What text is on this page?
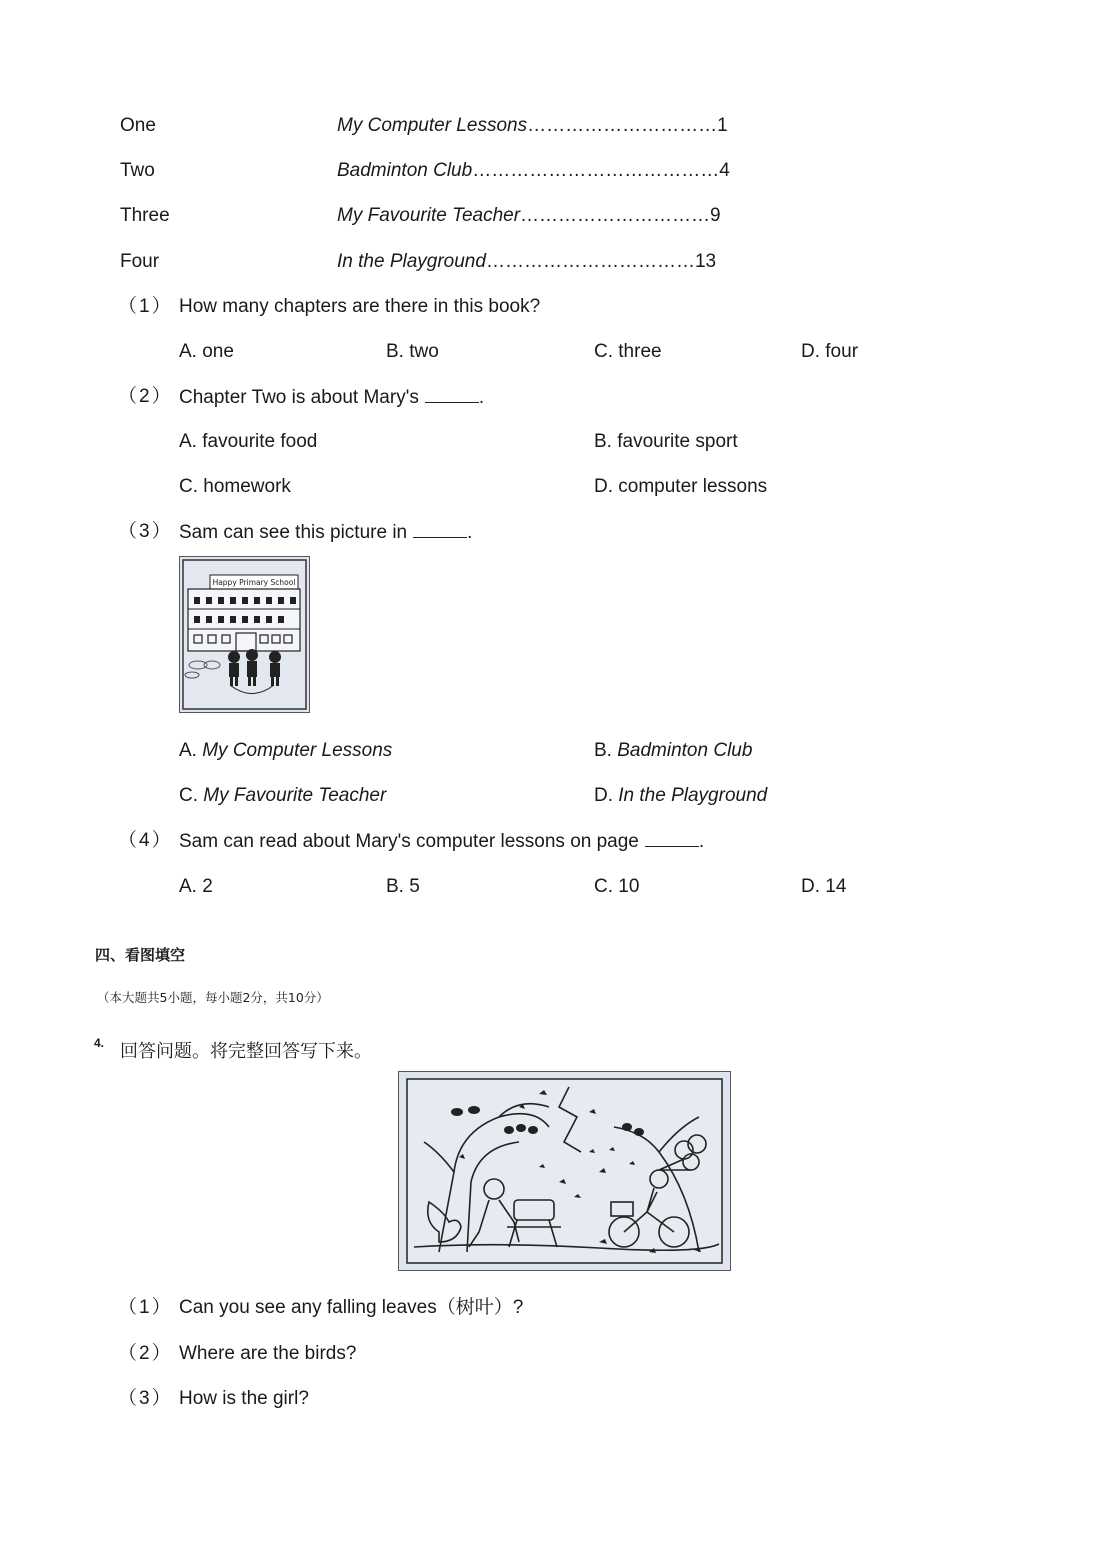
One	My Computer Lessons…………………………1
Two	Badminton Club…………………………………4
Three	My Favourite Teacher…………………………9
Four	In the Playground……………………………13
（1） How many chapters are there in this book?
A. one	B. two	C. three	D. four
（2） Chapter Two is about Mary's	.
A. favourite food	B. favourite sport
C. homework	D. computer lessons
（3） Sam can see this picture in	.
Happy Primary School
A. My Computer Lessons	B. Badminton Club
C. My Favourite Teacher	D. In the Playground
（4） Sam can read about Mary's computer lessons on page	.
A. 2	B. 5	C. 10	D. 14
四、看图填空
（本大题共5小题，每小题2分，共10分）
4. 回答问题。将完整回答写下来。
（1） Can you see any falling leaves（树叶）?
（2） Where are the birds?
（3） How is the girl?
